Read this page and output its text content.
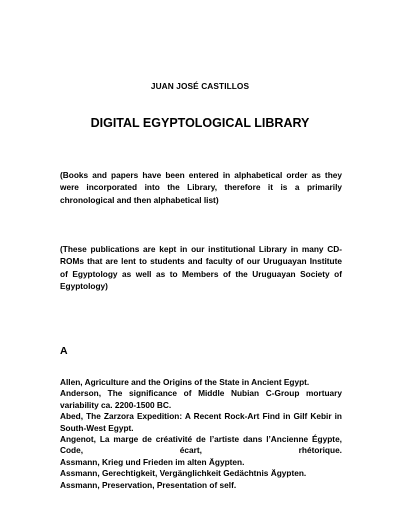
JUAN JOSÉ CASTILLOS
DIGITAL EGYPTOLOGICAL LIBRARY

(Books and papers have been entered in alphabetical order as they were incorporated into the Library, therefore it is a primarily chronological and then alphabetical list)

(These publications are kept in our institutional Library in many CD-ROMs that are lent to students and faculty of our Uruguayan Institute of Egyptology as well as to Members of the Uruguayan Society of Egyptology)

A
Allen, Agriculture and the Origins of the State in Ancient Egypt.
Anderson, The significance of Middle Nubian C-Group mortuary variability ca. 2200-1500 BC.
Abed, The Zarzora Expedition: A Recent Rock-Art Find in Gilf Kebir in South-West Egypt.
Angenot, La marge de créativité de l’artiste dans l’Ancienne Égypte, Code, écart, rhétorique.
Assmann, Krieg und Frieden im alten Ägypten.
Assmann, Gerechtigkeit, Vergänglichkeit Gedächtnis Ägypten.
Assmann, Preservation, Presentation of self.
